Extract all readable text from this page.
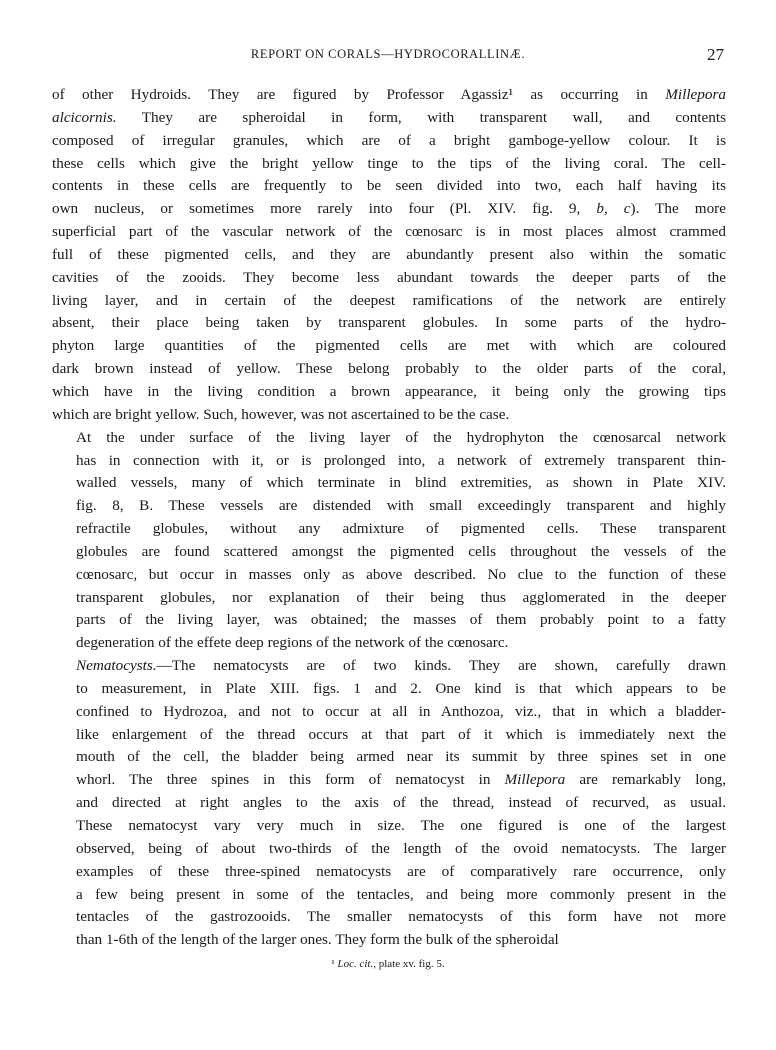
REPORT ON CORALS—HYDROCORALLINÆ.	27

of other Hydroids. They are figured by Professor Agassiz¹ as occurring in Millepora
alcicornis. They are spheroidal in form, with transparent wall, and contents
composed of irregular granules, which are of a bright gamboge-yellow colour. It is
these cells which give the bright yellow tinge to the tips of the living coral. The cell-
contents in these cells are frequently to be seen divided into two, each half having its
own nucleus, or sometimes more rarely into four (Pl. XIV. fig. 9, b, c). The more
superficial part of the vascular network of the cœnosarc is in most places almost crammed
full of these pigmented cells, and they are abundantly present also within the somatic
cavities of the zooids. They become less abundant towards the deeper parts of the
living layer, and in certain of the deepest ramifications of the network are entirely
absent, their place being taken by transparent globules. In some parts of the hydro-
phyton large quantities of the pigmented cells are met with which are coloured
dark brown instead of yellow. These belong probably to the older parts of the coral,
which have in the living condition a brown appearance, it being only the growing tips
which are bright yellow. Such, however, was not ascertained to be the case.

At the under surface of the living layer of the hydrophyton the cœnosarcal network
has in connection with it, or is prolonged into, a network of extremely transparent thin-
walled vessels, many of which terminate in blind extremities, as shown in Plate XIV.
fig. 8, B. These vessels are distended with small exceedingly transparent and highly
refractile globules, without any admixture of pigmented cells. These transparent
globules are found scattered amongst the pigmented cells throughout the vessels of the
cœnosarc, but occur in masses only as above described. No clue to the function of these
transparent globules, nor explanation of their being thus agglomerated in the deeper
parts of the living layer, was obtained; the masses of them probably point to a fatty
degeneration of the effete deep regions of the network of the cœnosarc.

Nematocysts.—The nematocysts are of two kinds. They are shown, carefully drawn
to measurement, in Plate XIII. figs. 1 and 2. One kind is that which appears to be
confined to Hydrozoa, and not to occur at all in Anthozoa, viz., that in which a bladder-
like enlargement of the thread occurs at that part of it which is immediately next the
mouth of the cell, the bladder being armed near its summit by three spines set in one
whorl. The three spines in this form of nematocyst in Millepora are remarkably long,
and directed at right angles to the axis of the thread, instead of recurved, as usual.
These nematocyst vary very much in size. The one figured is one of the largest
observed, being of about two-thirds of the length of the ovoid nematocysts. The larger
examples of these three-spined nematocysts are of comparatively rare occurrence, only
a few being present in some of the tentacles, and being more commonly present in the
tentacles of the gastrozooids. The smaller nematocysts of this form have not more
than 1-6th of the length of the larger ones. They form the bulk of the spheroidal

¹ Loc. cit., plate xv. fig. 5.
